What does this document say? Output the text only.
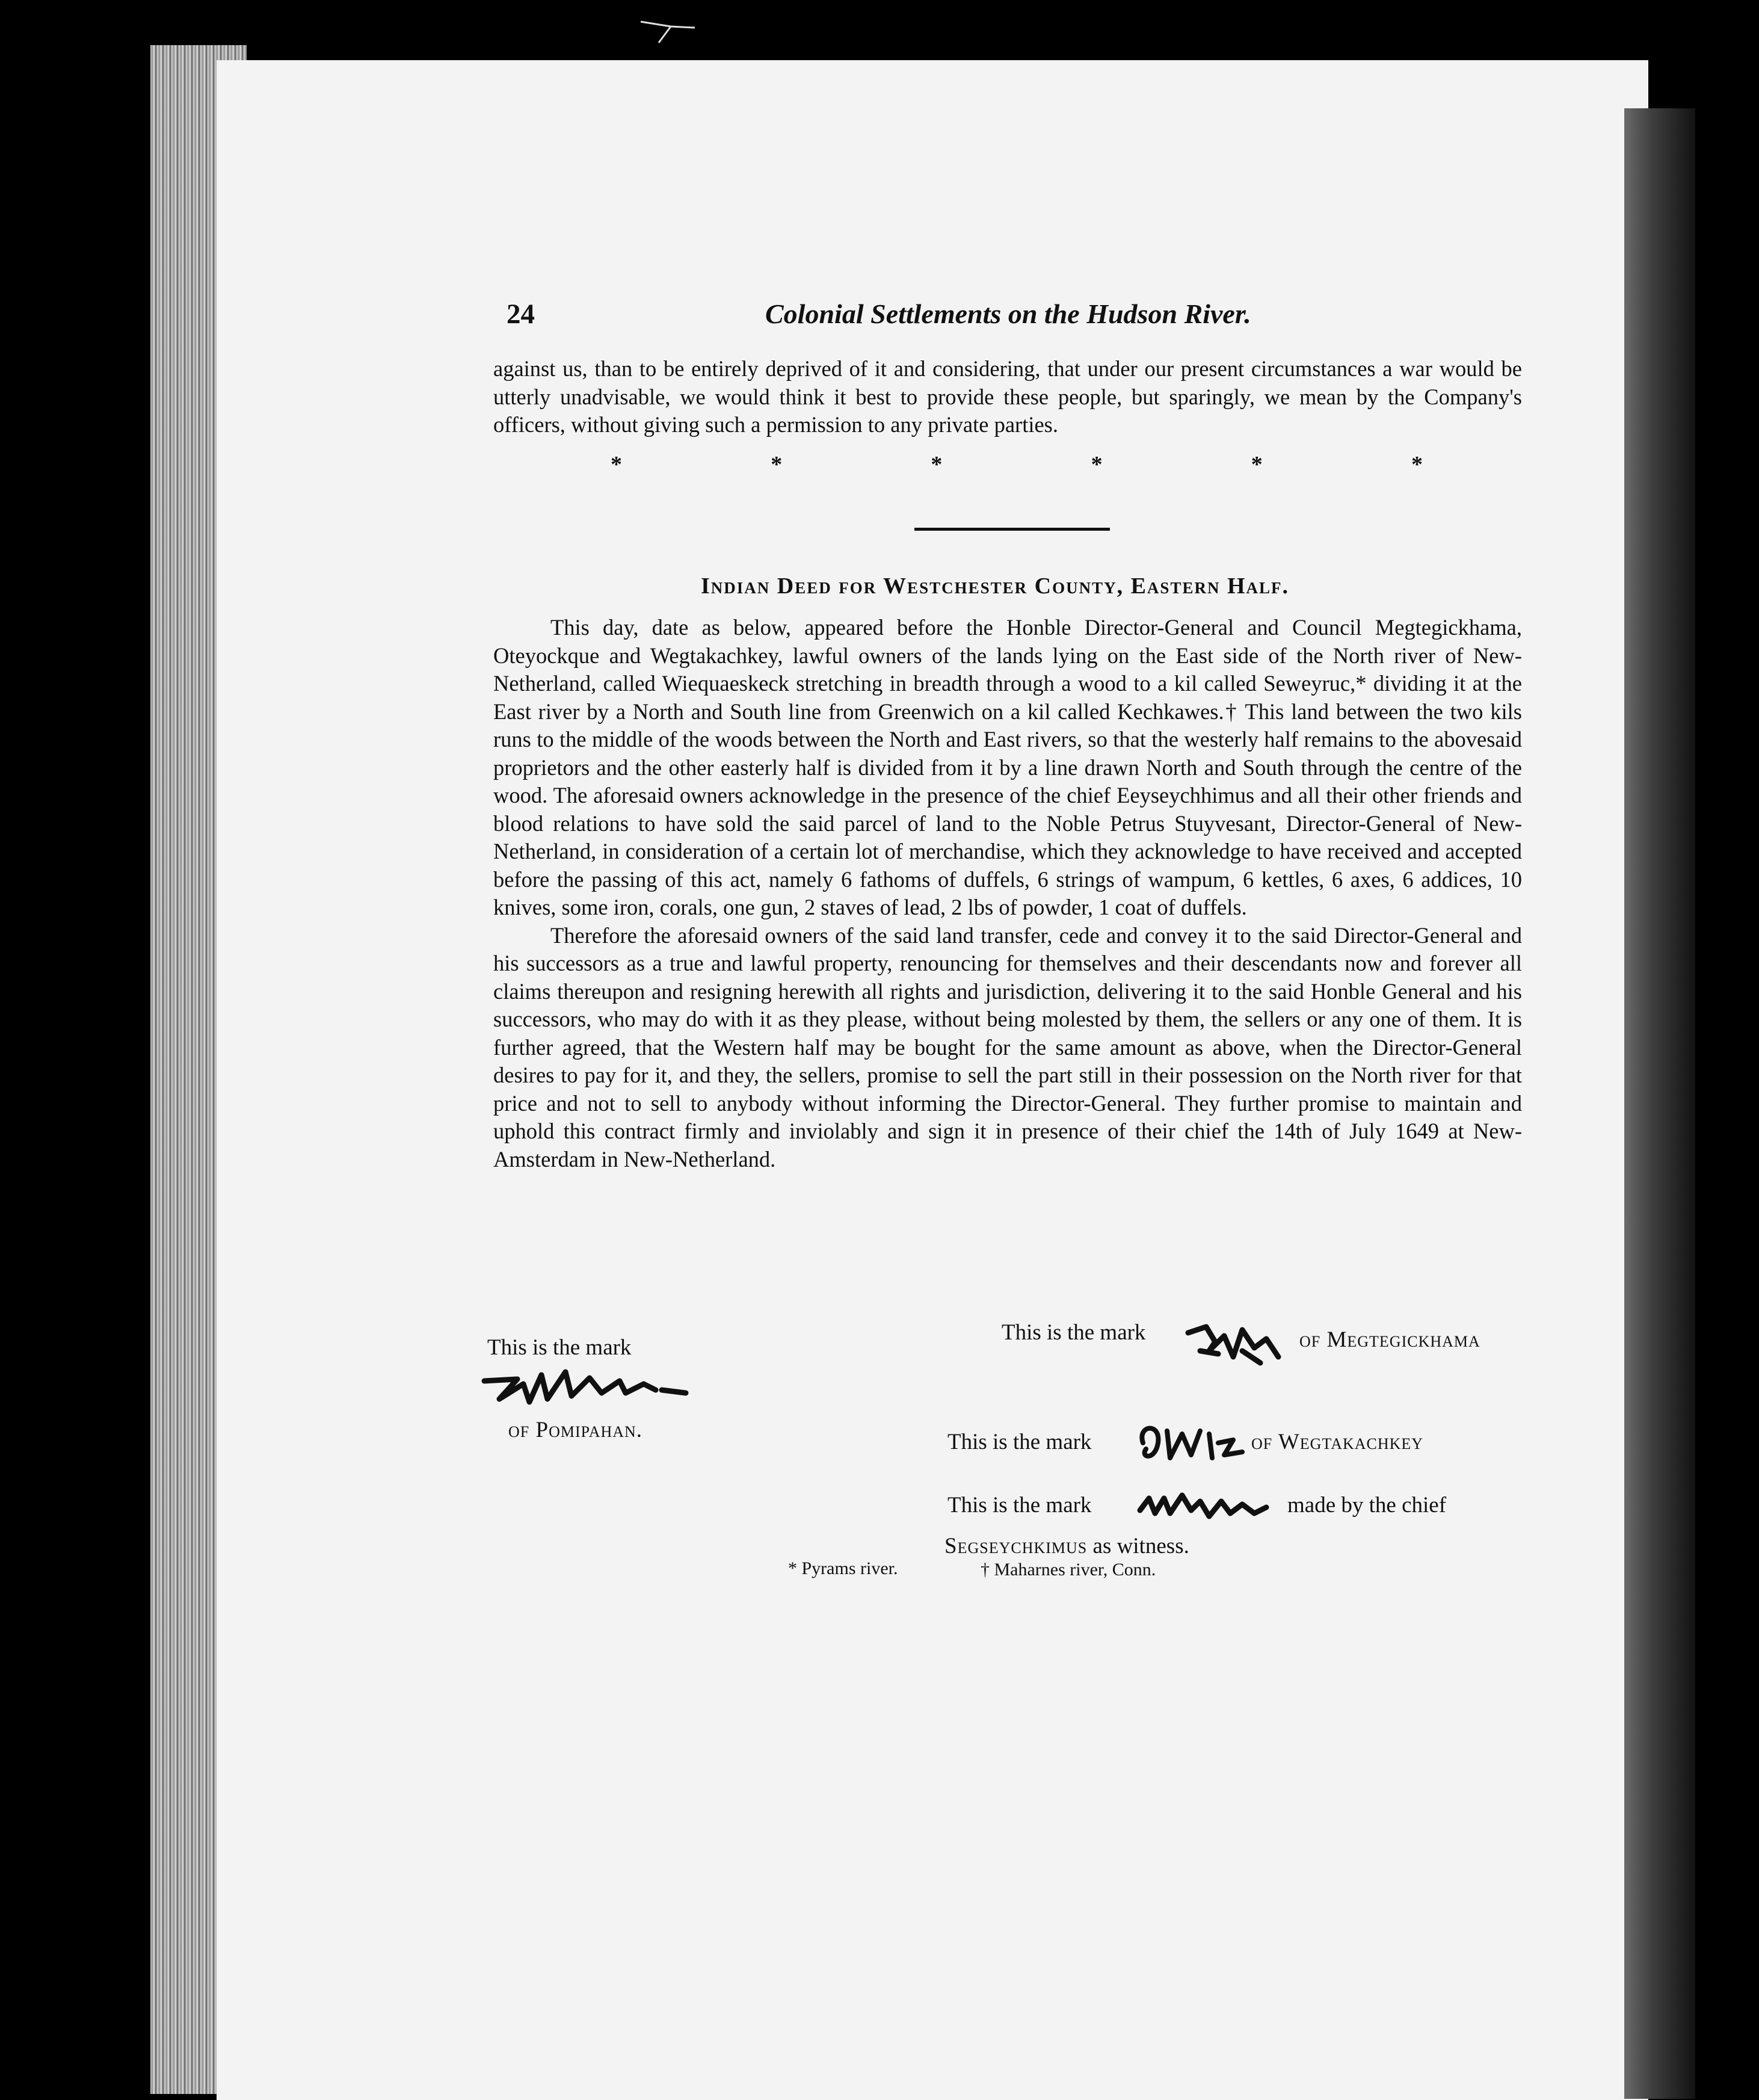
24	Colonial Settlements on the Hudson River.

against us, than to be entirely deprived of it and considering, that under our present circumstances a war would be utterly unadvisable, we would think it best to provide these people, but sparingly, we mean by the Company's officers, without giving such a permission to any private parties.

*	*	*	*	*	*
Indian Deed for Westchester County, Eastern Half.

This day, date as below, appeared before the Honble Director-General and Council Megtegickhama, Oteyockque and Wegtakachkey, lawful owners of the lands lying on the East side of the North river of New-Netherland, called Wiequaeskeck stretching in breadth through a wood to a kil called Seweyruc,* dividing it at the East river by a North and South line from Greenwich on a kil called Kechkawes.† This land between the two kils runs to the middle of the woods between the North and East rivers, so that the westerly half remains to the abovesaid proprietors and the other easterly half is divided from it by a line drawn North and South through the centre of the wood. The aforesaid owners acknowledge in the presence of the chief Eeyseychhimus and all their other friends and blood relations to have sold the said parcel of land to the Noble Petrus Stuyvesant, Director-General of New-Netherland, in consideration of a certain lot of merchandise, which they acknowledge to have received and accepted before the passing of this act, namely 6 fathoms of duffels, 6 strings of wampum, 6 kettles, 6 axes, 6 addices, 10 knives, some iron, corals, one gun, 2 staves of lead, 2 lbs of powder, 1 coat of duffels.

Therefore the aforesaid owners of the said land transfer, cede and convey it to the said Director-General and his successors as a true and lawful property, renouncing for themselves and their descendants now and forever all claims thereupon and resigning herewith all rights and jurisdiction, delivering it to the said Honble General and his successors, who may do with it as they please, without being molested by them, the sellers or any one of them. It is further agreed, that the Western half may be bought for the same amount as above, when the Director-General desires to pay for it, and they, the sellers, promise to sell the part still in their possession on the North river for that price and not to sell to anybody without informing the Director-General. They further promise to maintain and uphold this contract firmly and inviolably and sign it in presence of their chief the 14th of July 1649 at New-Amsterdam in New-Netherland.

This is the mark
of Pomipahan.
This is the mark	of Megtegickhama
This is the mark	of Wegtakachkey
This is the mark	made by the chief
Segseychkimus as witness.
* Pyrams river.	† Maharnes river, Conn.
